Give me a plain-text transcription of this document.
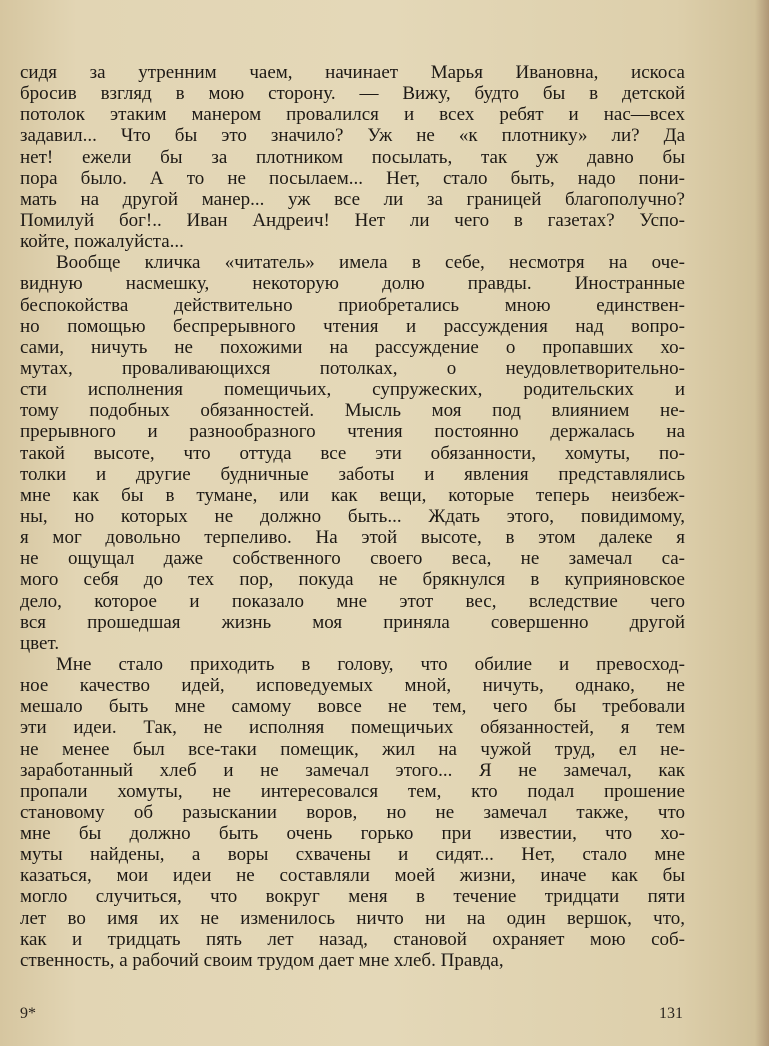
сидя за утренним чаем, начинает Марья Ивановна, искоса
бросив взгляд в мою сторону. — Вижу, будто бы в детской
потолок этаким манером провалился и всех ребят и нас—всех
задавил... Что бы это значило? Уж не «к плотнику» ли? Да
нет! ежели бы за плотником посылать, так уж давно бы
пора было. А то не посылаем... Нет, стало быть, надо пони-
мать на другой манер... уж все ли за границей благополучно?
Помилуй бог!.. Иван Андреич! Нет ли чего в газетах? Успо-
койте, пожалуйста...
Вообще кличка «читатель» имела в себе, несмотря на оче-
видную насмешку, некоторую долю правды. Иностранные
беспокойства действительно приобретались мною единствен-
но помощью беспрерывного чтения и рассуждения над вопро-
сами, ничуть не похожими на рассуждение о пропавших хо-
мутах, проваливающихся потолках, о неудовлетворительно-
сти исполнения помещичьих, супружеских, родительских и
тому подобных обязанностей. Мысль моя под влиянием не-
прерывного и разнообразного чтения постоянно держалась на
такой высоте, что оттуда все эти обязанности, хомуты, по-
толки и другие будничные заботы и явления представлялись
мне как бы в тумане, или как вещи, которые теперь неизбеж-
ны, но которых не должно быть... Ждать этого, повидимому,
я мог довольно терпеливо. На этой высоте, в этом далеке я
не ощущал даже собственного своего веса, не замечал са-
мого себя до тех пор, покуда не брякнулся в куприяновское
дело, которое и показало мне этот вес, вследствие чего
вся прошедшая жизнь моя приняла совершенно другой
цвет.
Мне стало приходить в голову, что обилие и превосход-
ное качество идей, исповедуемых мной, ничуть, однако, не
мешало быть мне самому вовсе не тем, чего бы требовали
эти идеи. Так, не исполняя помещичьих обязанностей, я тем
не менее был все-таки помещик, жил на чужой труд, ел не-
заработанный хлеб и не замечал этого... Я не замечал, как
пропали хомуты, не интересовался тем, кто подал прошение
становому об разыскании воров, но не замечал также, что
мне бы должно быть очень горько при известии, что хо-
муты найдены, а воры схвачены и сидят... Нет, стало мне
казаться, мои идеи не составляли моей жизни, иначе как бы
могло случиться, что вокруг меня в течение тридцати пяти
лет во имя их не изменилось ничто ни на один вершок, что,
как и тридцать пять лет назад, становой охраняет мою соб-
ственность, а рабочий своим трудом дает мне хлеб. Правда,
9*	131
